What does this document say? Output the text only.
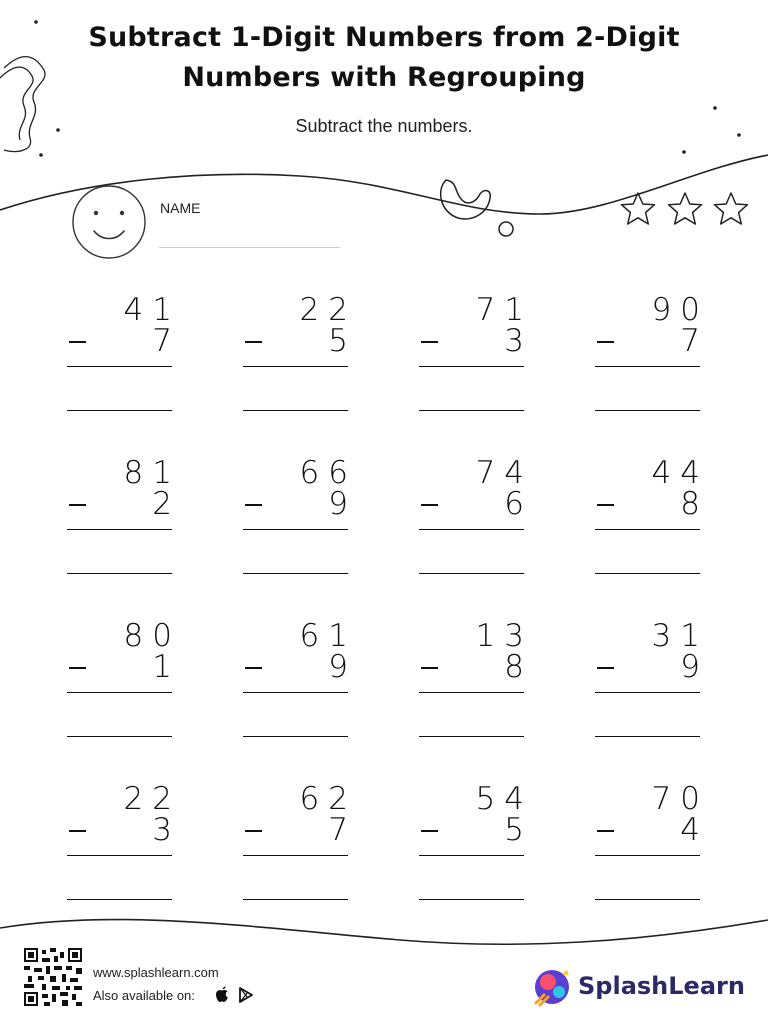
Subtract 1-Digit Numbers from 2-Digit
Numbers with Regrouping
Subtract the numbers.
NAME
41
7
22
5
71
3
90
7
81
2
66
9
74
6
44
8
80
1
61
9
13
8
31
9
22
3
62
7
54
5
70
4
www.splashlearn.com
Also available on:	SplashLearn
